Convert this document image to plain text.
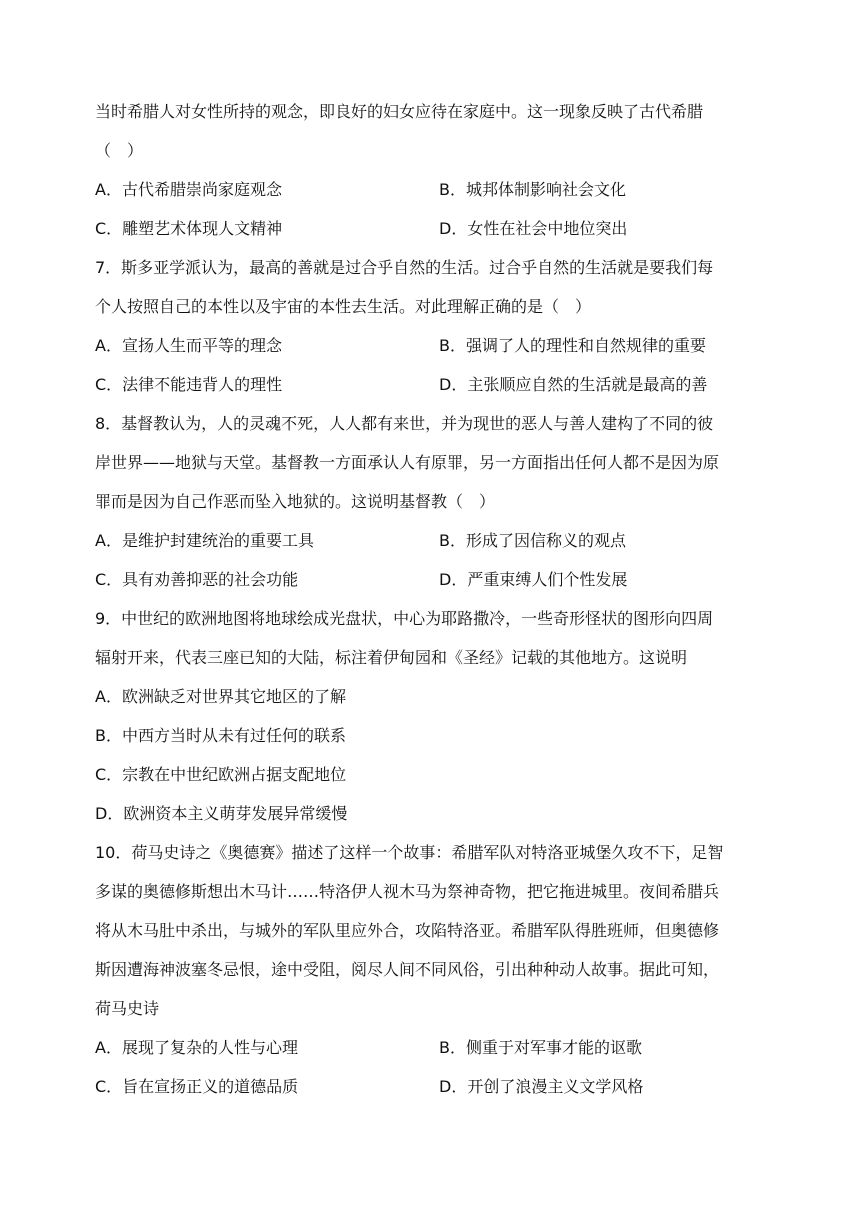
当时希腊人对女性所持的观念，即良好的妇女应待在家庭中。这一现象反映了古代希腊
（　）
A．古代希腊崇尚家庭观念	B．城邦体制影响社会文化
C．雕塑艺术体现人文精神	D．女性在社会中地位突出
7．斯多亚学派认为，最高的善就是过合乎自然的生活。过合乎自然的生活就是要我们每
个人按照自己的本性以及宇宙的本性去生活。对此理解正确的是（　）
A．宣扬人生而平等的理念	B．强调了人的理性和自然规律的重要
C．法律不能违背人的理性	D．主张顺应自然的生活就是最高的善
8．基督教认为，人的灵魂不死，人人都有来世，并为现世的恶人与善人建构了不同的彼
岸世界——地狱与天堂。基督教一方面承认人有原罪，另一方面指出任何人都不是因为原
罪而是因为自己作恶而坠入地狱的。这说明基督教（　）
A．是维护封建统治的重要工具	B．形成了因信称义的观点
C．具有劝善抑恶的社会功能	D．严重束缚人们个性发展
9．中世纪的欧洲地图将地球绘成光盘状，中心为耶路撒冷，一些奇形怪状的图形向四周
辐射开来，代表三座已知的大陆，标注着伊甸园和《圣经》记载的其他地方。这说明
A．欧洲缺乏对世界其它地区的了解
B．中西方当时从未有过任何的联系
C．宗教在中世纪欧洲占据支配地位
D．欧洲资本主义萌芽发展异常缓慢
10．荷马史诗之《奥德赛》描述了这样一个故事：希腊军队对特洛亚城堡久攻不下，足智
多谋的奥德修斯想出木马计……特洛伊人视木马为祭神奇物，把它拖进城里。夜间希腊兵
将从木马肚中杀出，与城外的军队里应外合，攻陷特洛亚。希腊军队得胜班师，但奥德修
斯因遭海神波塞冬忌恨，途中受阻，阅尽人间不同风俗，引出种种动人故事。据此可知，
荷马史诗
A．展现了复杂的人性与心理	B．侧重于对军事才能的讴歌
C．旨在宣扬正义的道德品质	D．开创了浪漫主义文学风格
